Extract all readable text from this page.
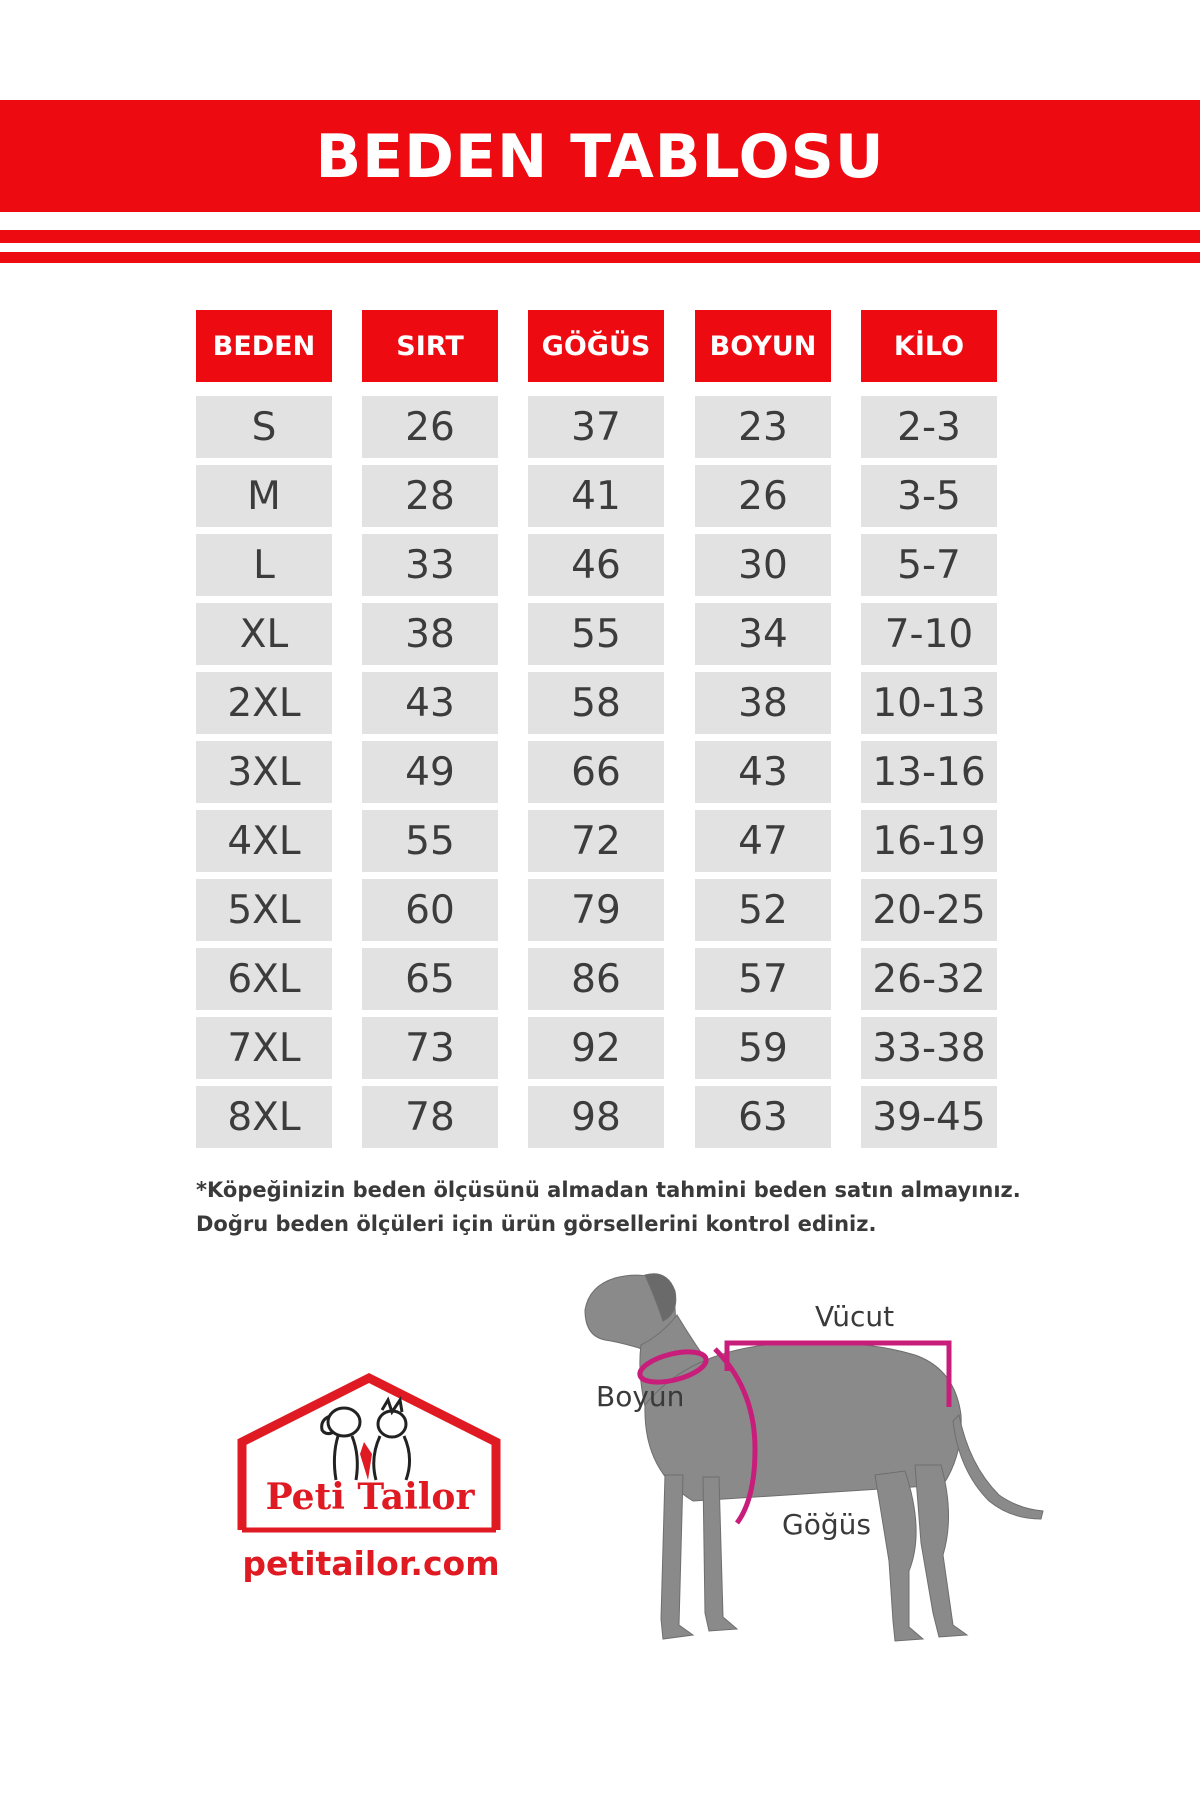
BEDEN TABLOSU
BEDEN
S
M
L
XL
2XL
3XL
4XL
5XL
6XL
7XL
8XL
SIRT
26
28
33
38
43
49
55
60
65
73
78
GÖĞÜS
37
41
46
55
58
66
72
79
86
92
98
BOYUN
23
26
30
34
38
43
47
52
57
59
63
KİLO
2-3
3-5
5-7
7-10
10-13
13-16
16-19
20-25
26-32
33-38
39-45
*Köpeğinizin beden ölçüsünü almadan tahmini beden satın almayınız.
Doğru beden ölçüleri için ürün görsellerini kontrol ediniz.
Peti Tailor
petitailor.com
Vücut
Boyun
Göğüs
